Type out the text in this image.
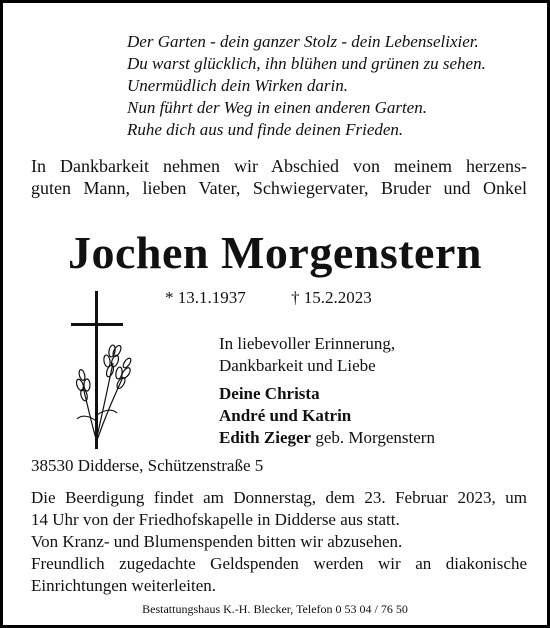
Der Garten - dein ganzer Stolz - dein Lebenselixier.
Du warst glücklich, ihn blühen und grünen zu sehen.
Unermüdlich dein Wirken darin.
Nun führt der Weg in einen anderen Garten.
Ruhe dich aus und finde deinen Frieden.
In Dankbarkeit nehmen wir Abschied von meinem herzens-
guten Mann, lieben Vater, Schwiegervater, Bruder und Onkel
Jochen Morgenstern
* 13.1.1937	† 15.2.2023
In liebevoller Erinnerung,
Dankbarkeit und Liebe
Deine Christa
André und Katrin
Edith Zieger geb. Morgenstern
38530 Didderse, Schützenstraße 5
Die Beerdigung findet am Donnerstag, dem 23. Februar 2023, um
14 Uhr von der Friedhofskapelle in Didderse aus statt.
Von Kranz- und Blumenspenden bitten wir abzusehen.
Freundlich zugedachte Geldspenden werden wir an diakonische
Einrichtungen weiterleiten.
Bestattungshaus K.-H. Blecker, Telefon 0 53 04 / 76 50
